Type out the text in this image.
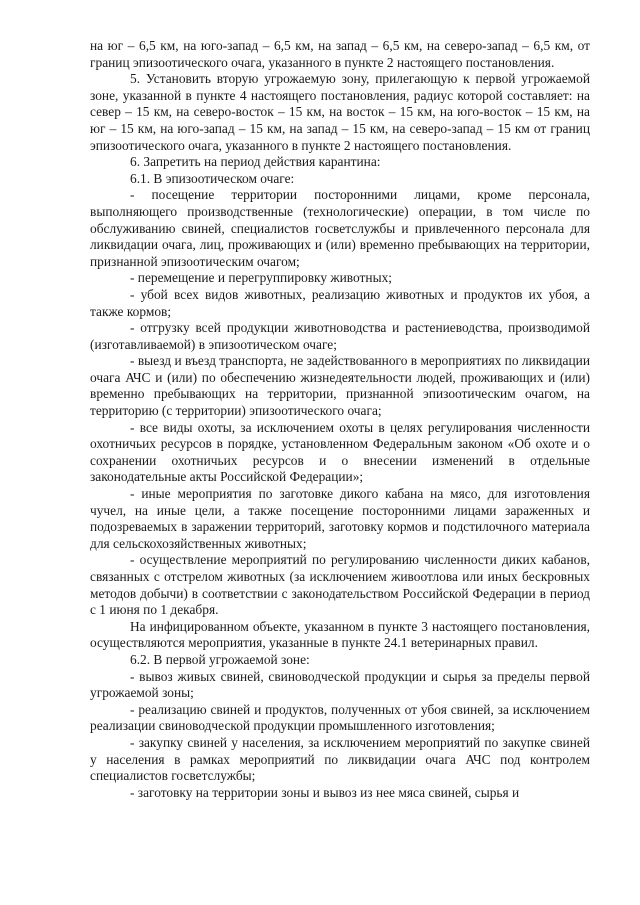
на юг – 6,5 км, на юго-запад – 6,5 км, на запад – 6,5 км, на северо-запад – 6,5 км, от границ эпизоотического очага, указанного в пункте 2 настоящего постановления.

5. Установить вторую угрожаемую зону, прилегающую к первой угрожаемой зоне, указанной в пункте 4 настоящего постановления, радиус которой составляет: на север – 15 км, на северо-восток – 15 км, на восток – 15 км, на юго-восток – 15 км, на юг – 15 км, на юго-запад – 15 км, на запад – 15 км, на северо-запад – 15 км от границ эпизоотического очага, указанного в пункте 2 настоящего постановления.

6. Запретить на период действия карантина:

6.1. В эпизоотическом очаге:

- посещение территории посторонними лицами, кроме персонала, выполняющего производственные (технологические) операции, в том числе по обслуживанию свиней, специалистов госветслужбы и привлеченного персонала для ликвидации очага, лиц, проживающих и (или) временно пребывающих на территории, признанной эпизоотическим очагом;

- перемещение и перегруппировку животных;

- убой всех видов животных, реализацию животных и продуктов их убоя, а также кормов;

- отгрузку всей продукции животноводства и растениеводства, производимой (изготавливаемой) в эпизоотическом очаге;

- выезд и въезд транспорта, не задействованного в мероприятиях по ликвидации очага АЧС и (или) по обеспечению жизнедеятельности людей, проживающих и (или) временно пребывающих на территории, признанной эпизоотическим очагом, на территорию (с территории) эпизоотического очага;

- все виды охоты, за исключением охоты в целях регулирования численности охотничьих ресурсов в порядке, установленном Федеральным законом «Об охоте и о сохранении охотничьих ресурсов и о внесении изменений в отдельные законодательные акты Российской Федерации»;

- иные мероприятия по заготовке дикого кабана на мясо, для изготовления чучел, на иные цели, а также посещение посторонними лицами зараженных и подозреваемых в заражении территорий, заготовку кормов и подстилочного материала для сельскохозяйственных животных;

- осуществление мероприятий по регулированию численности диких кабанов, связанных с отстрелом животных (за исключением живоотлова или иных бескровных методов добычи) в соответствии с законодательством Российской Федерации в период с 1 июня по 1 декабря.

На инфицированном объекте, указанном в пункте 3 настоящего постановления, осуществляются мероприятия, указанные в пункте 24.1 ветеринарных правил.

6.2. В первой угрожаемой зоне:

- вывоз живых свиней, свиноводческой продукции и сырья за пределы первой угрожаемой зоны;

- реализацию свиней и продуктов, полученных от убоя свиней, за исключением реализации свиноводческой продукции промышленного изготовления;

- закупку свиней у населения, за исключением мероприятий по закупке свиней у населения в рамках мероприятий по ликвидации очага АЧС под контролем специалистов госветслужбы;

- заготовку на территории зоны и вывоз из нее мяса свиней, сырья и
